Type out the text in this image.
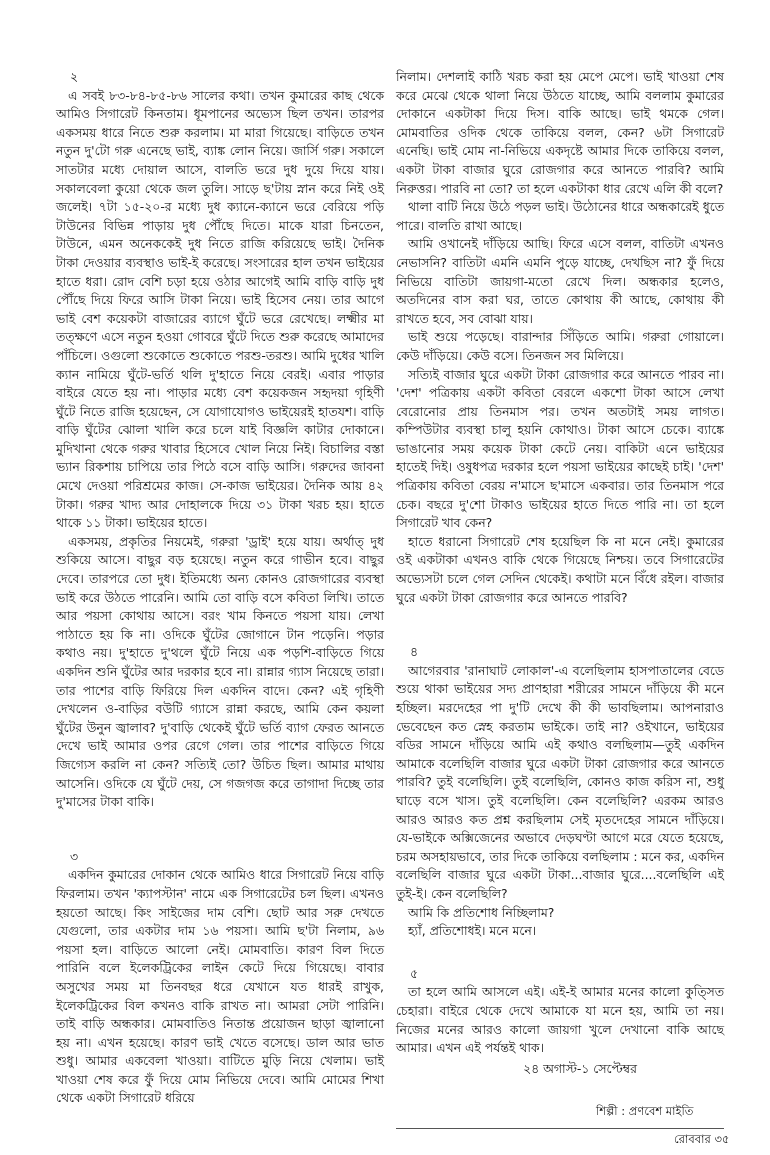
২
এ সবই ৮৩-৮৪-৮৫-৮৬ সালের কথা। তখন কুমারের কাছ থেকে আমিও সিগারেট কিনতাম। ধূমপানের অভ্যেস ছিল তখন। তারপর একসময় ধারে নিতে শুরু করলাম। মা মারা গিয়েছে। বাড়িতে তখন নতুন দু'টো গরু এনেছে ভাই, ব্যাঙ্ক লোন নিয়ে। জার্সি গরু। সকালে সাতটার মধ্যে দোয়াল আসে, বালতি ভরে দুধ দুয়ে দিয়ে যায়। সকালবেলা কুয়ো থেকে জল তুলি। সাড়ে ছ'টায় স্নান করে নিই ওই জলেই। ৭টা ১৫-২০-র মধ্যে দুধ ক্যানে-ক্যানে ভরে বেরিয়ে পড়ি টাউনের বিভিন্ন পাড়ায় দুধ পৌঁছে দিতে। মাকে যারা চিনতেন, টাউনে, এমন অনেককেই দুধ নিতে রাজি করিয়েছে ভাই। দৈনিক টাকা দেওয়ার ব্যবস্থাও ভাই-ই করেছে। সংসারের হাল তখন ভাইয়ের হাতে ধরা। রোদ বেশি চড়া হয়ে ওঠার আগেই আমি বাড়ি বাড়ি দুধ পৌঁছে দিয়ে ফিরে আসি টাকা নিয়ে। ভাই হিসেব নেয়। তার আগে ভাই বেশ কয়েকটা বাজারের ব্যাগে ঘুঁটে ভরে রেখেছে। লক্ষ্মীর মা তত্‍ক্ষণে এসে নতুন হওয়া গোবরে ঘুঁটে দিতে শুরু করেছে আমাদের পাঁচিলে। ওগুলো শুকোতে শুকোতে পরশু-তরশু। আমি দুধের খালি ক্যান নামিয়ে ঘুঁটে-ভর্তি থলি দু'হাতে নিয়ে বেরই। এবার পাড়ার বাইরে যেতে হয় না। পাড়ার মধ্যে বেশ কয়েকজন সহৃদয়া গৃহিণী ঘুঁটে নিতে রাজি হয়েছেন, সে যোগাযোগও ভাইয়েরই হাতযশ। বাড়ি বাড়ি ঘুঁটের ঝোলা খালি করে চলে যাই বিজ্ঞলি কাটার দোকানে। মুদিখানা থেকে গরুর খাবার হিসেবে খোল নিয়ে নিই। বিচালির বস্তা ভ্যান রিকশায় চাপিয়ে তার পিঠে বসে বাড়ি আসি। গরুদের জাবনা মেখে দেওয়া পরিশ্রমের কাজ। সে-কাজ ভাইয়ের। দৈনিক আয় ৪২ টাকা। গরুর খাদ্য আর দোহালকে দিয়ে ৩১ টাকা খরচ হয়। হাতে থাকে ১১ টাকা। ভাইয়ের হাতে।
একসময়, প্রকৃতির নিয়মেই, গরুরা 'ড্রাই' হয়ে যায়। অর্থাত্‍ দুধ শুকিয়ে আসে। বাছুর বড় হয়েছে। নতুন করে গাভীন হবে। বাছুর দেবে। তারপরে তো দুধ। ইতিমধ্যে অন্য কোনও রোজগারের ব্যবস্থা ভাই করে উঠতে পারেনি। আমি তো বাড়ি বসে কবিতা লিখি। তাতে আর পয়সা কোথায় আসে। বরং খাম কিনতে পয়সা যায়। লেখা পাঠাতে হয় কি না। ওদিকে ঘুঁটের জোগানে টান পড়েনি। পড়ার কথাও নয়। দু'হাতে দু'থলে ঘুঁটে নিয়ে এক পড়শি-বাড়িতে গিয়ে একদিন শুনি ঘুঁটের আর দরকার হবে না। রান্নার গ্যাস নিয়েছে তারা। তার পাশের বাড়ি ফিরিয়ে দিল একদিন বাদে। কেন? এই গৃহিণী দেখলেন ও-বাড়ির বউটি গ্যাসে রান্না করছে, আমি কেন কয়লা ঘুঁটের উনুন জ্বালাব? দু'বাড়ি থেকেই ঘুঁটে ভর্তি ব্যাগ ফেরত আনতে দেখে ভাই আমার ওপর রেগে গেল। তার পাশের বাড়িতে গিয়ে জিগ্যেস করলি না কেন? সত্যিই তো? উচিত ছিল। আমার মাথায় আসেনি। ওদিকে যে ঘুঁটে দেয়, সে গজগজ করে তাগাদা দিচ্ছে তার দু'মাসের টাকা বাকি।
৩
একদিন কুমারের দোকান থেকে আমিও ধারে সিগারেট নিয়ে বাড়ি ফিরলাম। তখন 'ক্যাপস্টান' নামে এক সিগারেটের চল ছিল। এখনও হয়তো আছে। কিং সাইজের দাম বেশি। ছোট আর সরু দেখতে যেগুলো, তার একটার দাম ১৬ পয়সা। আমি ছ'টা নিলাম, ৯৬ পয়সা হল। বাড়িতে আলো নেই। মোমবাতি। কারণ বিল দিতে পারিনি বলে ইলেকট্রিকের লাইন কেটে দিয়ে গিয়েছে। বাবার অসুখের সময় মা তিনবছর ধরে যেখানে যত ধারই রাখুক, ইলেকট্রিকের বিল কখনও বাকি রাখত না। আমরা সেটা পারিনি। তাই বাড়ি অন্ধকার। মোমবাতিও নিতান্ত প্রয়োজন ছাড়া জ্বালানো হয় না। এখন হয়েছে। কারণ ভাই খেতে বসেছে। ডাল আর ভাত শুধু। আমার একবেলা খাওয়া। বাটিতে মুড়ি নিয়ে খেলাম। ভাই খাওয়া শেষ করে ফুঁ দিয়ে মোম নিভিয়ে দেবে। আমি মোমের শিখা থেকে একটা সিগারেট ধরিয়ে
নিলাম। দেশলাই কাঠি খরচ করা হয় মেপে মেপে। ভাই খাওয়া শেষ করে মেঝে থেকে থালা নিয়ে উঠতে যাচ্ছে, আমি বললাম কুমারের দোকানে একটাকা দিয়ে দিস। বাকি আছে। ভাই থমকে গেল। মোমবাতির ওদিক থেকে তাকিয়ে বলল, কেন? ৬টা সিগারেট এনেছি। ভাই মোম না-নিভিয়ে একদৃষ্টে আমার দিকে তাকিয়ে বলল, একটা টাকা বাজার ঘুরে রোজগার করে আনতে পারবি? আমি নিরুত্তর। পারবি না তো? তা হলে একটাকা ধার রেখে এলি কী বলে?
থালা বাটি নিয়ে উঠে পড়ল ভাই। উঠোনের ধারে অন্ধকারেই ধুতে পারে। বালতি রাখা আছে।
আমি ওখানেই দাঁড়িয়ে আছি। ফিরে এসে বলল, বাতিটা এখনও নেভাসনি? বাতিটা এমনি এমনি পুড়ে যাচ্ছে, দেখছিস না? ফুঁ দিয়ে নিভিয়ে বাতিটা জায়গা-মতো রেখে দিল। অন্ধকার হলেও, অতদিনের বাস করা ঘর, তাতে কোথায় কী আছে, কোথায় কী রাখতে হবে, সব বোঝা যায়।
ভাই শুয়ে পড়েছে। বারান্দার সিঁড়িতে আমি। গরুরা গোয়ালে। কেউ দাঁড়িয়ে। কেউ বসে। তিনজন সব মিলিয়ে।
সত্যিই বাজার ঘুরে একটা টাকা রোজগার করে আনতে পারব না। 'দেশ' পত্রিকায় একটা কবিতা বেরলে একশো টাকা আসে লেখা বেরোনোর প্রায় তিনমাস পর। তখন অতটাই সময় লাগত। কম্পিউটার ব্যবস্থা চালু হয়নি কোথাও। টাকা আসে চেকে। ব্যাঙ্কে ভাঙানোর সময় কয়েক টাকা কেটে নেয়। বাকিটা এনে ভাইয়ের হাতেই দিই। ওষুধপত্র দরকার হলে পয়সা ভাইয়ের কাছেই চাই। 'দেশ' পত্রিকায় কবিতা বেরয় ন'মাসে ছ'মাসে একবার। তার তিনমাস পরে চেক। বছরে দু'শো টাকাও ভাইয়ের হাতে দিতে পারি না। তা হলে সিগারেট খাব কেন?
হাতে ধরানো সিগারেট শেষ হয়েছিল কি না মনে নেই। কুমারের ওই একটাকা এখনও বাকি থেকে গিয়েছে নিশ্চয়। তবে সিগারেটের অভ্যেসটা চলে গেল সেদিন থেকেই। কথাটা মনে বিঁধে রইল। বাজার ঘুরে একটা টাকা রোজগার করে আনতে পারবি?
৪
আগেরবার 'রানাঘাট লোকাল'-এ বলেছিলাম হাসপাতালের বেডে শুয়ে থাকা ভাইয়ের সদ্য প্রাণহারা শরীরের সামনে দাঁড়িয়ে কী মনে হচ্ছিল। মরদেহের পা দু'টি দেখে কী কী ভাবছিলাম। আপনারাও ভেবেছেন কত স্নেহ করতাম ভাইকে। তাই না? ওইখানে, ভাইয়ের বডির সামনে দাঁড়িয়ে আমি এই কথাও বলছিলাম—তুই একদিন আমাকে বলেছিলি বাজার ঘুরে একটা টাকা রোজগার করে আনতে পারবি? তুই বলেছিলি। তুই বলেছিলি, কোনও কাজ করিস না, শুধু ঘাড়ে বসে খাস। তুই বলেছিলি। কেন বলেছিলি? এরকম আরও আরও আরও কত প্রশ্ন করছিলাম সেই মৃতদেহের সামনে দাঁড়িয়ে। যে-ভাইকে অক্সিজেনের অভাবে দেড়ঘণ্টা আগে মরে যেতে হয়েছে, চরম অসহায়ভাবে, তার দিকে তাকিয়ে বলছিলাম : মনে কর, একদিন বলেছিলি বাজার ঘুরে একটা টাকা...বাজার ঘুরে....বলেছিলি এই তুই-ই। কেন বলেছিলি?
আমি কি প্রতিশোধ নিচ্ছিলাম?
হ্যাঁ, প্রতিশোধই। মনে মনে।
৫
তা হলে আমি আসলে এই। এই-ই আমার মনের কালো কুত্‍সিত চেহারা। বাইরে থেকে দেখে আমাকে যা মনে হয়, আমি তা নয়। নিজের মনের আরও কালো জায়গা খুলে দেখানো বাকি আছে আমার। এখন এই পর্যন্তই থাক।
২৪ অগাস্ট-১ সেপ্টেম্বর
শিল্পী : প্রণবেশ মাইতি
রোববার ৩৫
